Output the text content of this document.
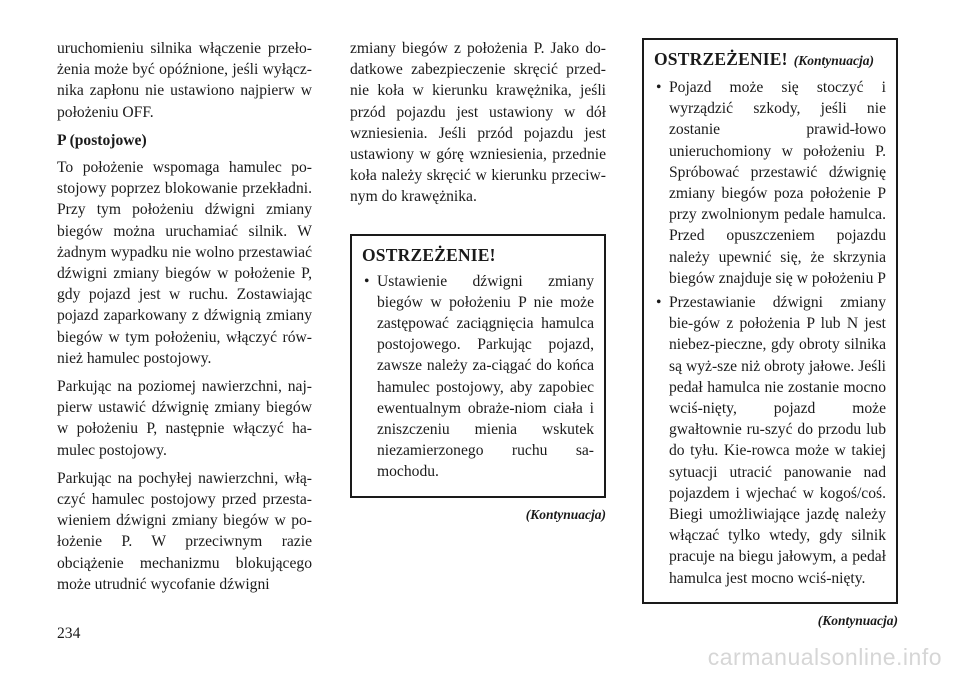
uruchomieniu silnika włączenie przeło-żenia może być opóźnione, jeśli wyłącz-nika zapłonu nie ustawiono najpierw w położeniu OFF.

P (postojowe)

To położenie wspomaga hamulec po-stojowy poprzez blokowanie przekładni. Przy tym położeniu dźwigni zmiany biegów można uruchamiać silnik. W żadnym wypadku nie wolno przestawiać dźwigni zmiany biegów w położenie P, gdy pojazd jest w ruchu. Zostawiając pojazd zaparkowany z dźwignią zmiany biegów w tym położeniu, włączyć rów-nież hamulec postojowy.

Parkując na poziomej nawierzchni, naj-pierw ustawić dźwignię zmiany biegów w położeniu P, następnie włączyć ha-mulec postojowy.

Parkując na pochyłej nawierzchni, włą-czyć hamulec postojowy przed przesta-wieniem dźwigni zmiany biegów w po-łożenie P. W przeciwnym razie obciążenie mechanizmu blokującego może utrudnić wycofanie dźwigni

zmiany biegów z położenia P. Jako do-datkowe zabezpieczenie skręcić przed-nie koła w kierunku krawężnika, jeśli przód pojazdu jest ustawiony w dół wzniesienia. Jeśli przód pojazdu jest ustawiony w górę wzniesienia, przednie koła należy skręcić w kierunku przeciw-nym do krawężnika.

OSTRZEŻENIE!
• Ustawienie dźwigni zmiany biegów w położeniu P nie może zastępować zaciągnięcia hamulca postojowego. Parkując pojazd, zawsze należy za-ciągać do końca hamulec postojowy, aby zapobiec ewentualnym obraże-niom ciała i zniszczeniu mienia wskutek niezamierzonego ruchu sa-mochodu.
(Kontynuacja)
OSTRZEŻENIE! (Kontynuacja)
• Pojazd może się stoczyć i wyrządzić szkody, jeśli nie zostanie prawid-łowo unieruchomiony w położeniu P. Spróbować przestawić dźwignię zmiany biegów poza położenie P przy zwolnionym pedale hamulca. Przed opuszczeniem pojazdu należy upewnić się, że skrzynia biegów znajduje się w położeniu P
• Przestawianie dźwigni zmiany bie-gów z położenia P lub N jest niebez-pieczne, gdy obroty silnika są wyż-sze niż obroty jałowe. Jeśli pedał hamulca nie zostanie mocno wciś-nięty, pojazd może gwałtownie ru-szyć do przodu lub do tyłu. Kie-rowca może w takiej sytuacji utracić panowanie nad pojazdem i wjechać w kogoś/coś. Biegi umożliwiające jazdę należy włączać tylko wtedy, gdy silnik pracuje na biegu jałowym, a pedał hamulca jest mocno wciś-nięty.
(Kontynuacja)
234
carmanualsonline.info
